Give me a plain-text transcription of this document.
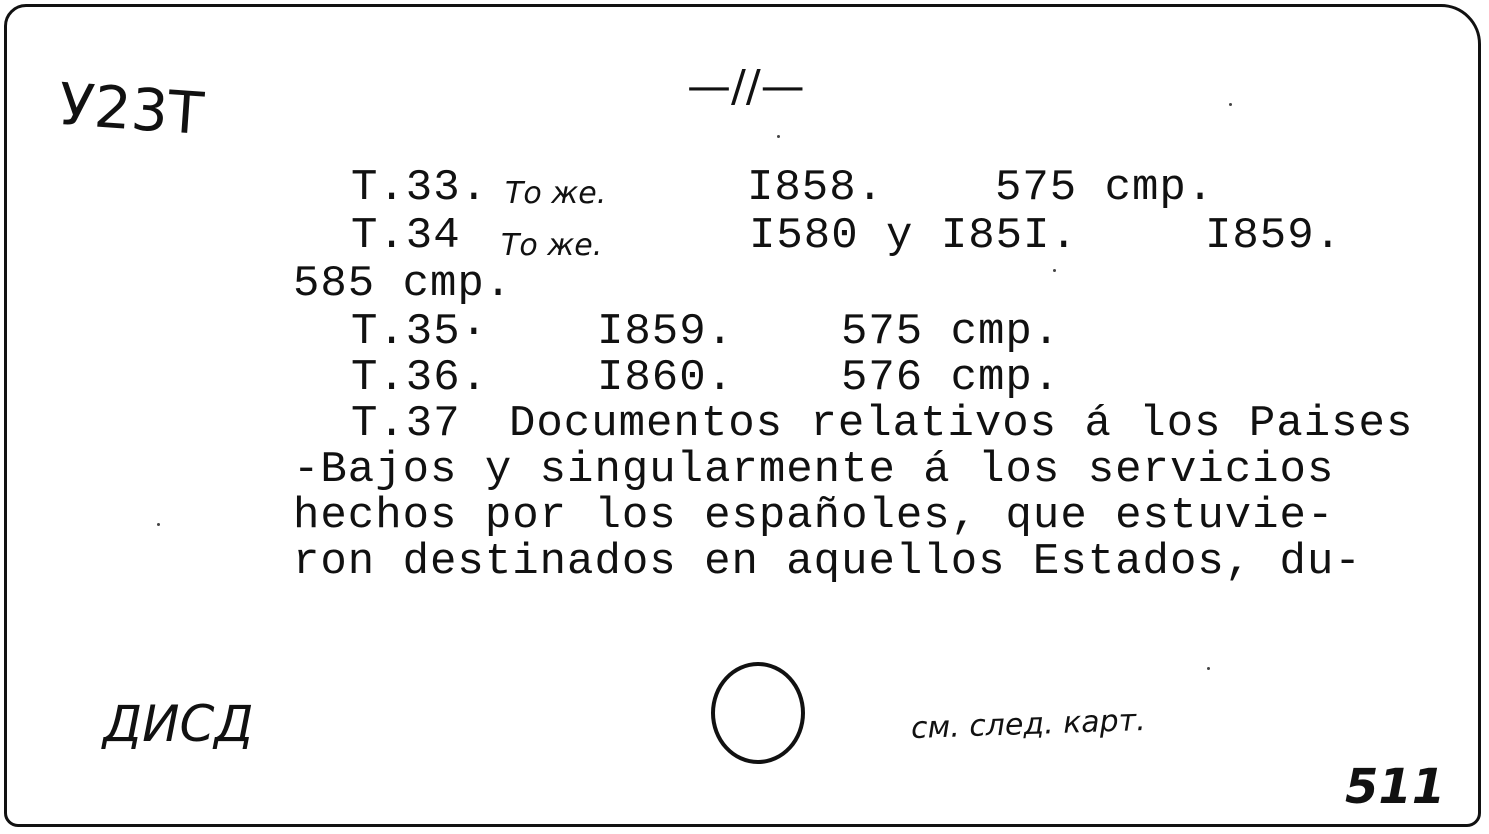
У23Т	—//—
T.33. То же.	I858.	575 cmp.
T.34 То же.	I580 y I85I.	I859.
585 cmp.
T.35· I859. 575 cmp.
T.36. I860. 576 cmp.
T.37 Documentos relativos á los Paises
-Bajos y singularmente á los servicios
hechos por los españoles, que estuvie-
ron destinados en aquellos Estados, du-
ДИСД	см. след. карт.
511
